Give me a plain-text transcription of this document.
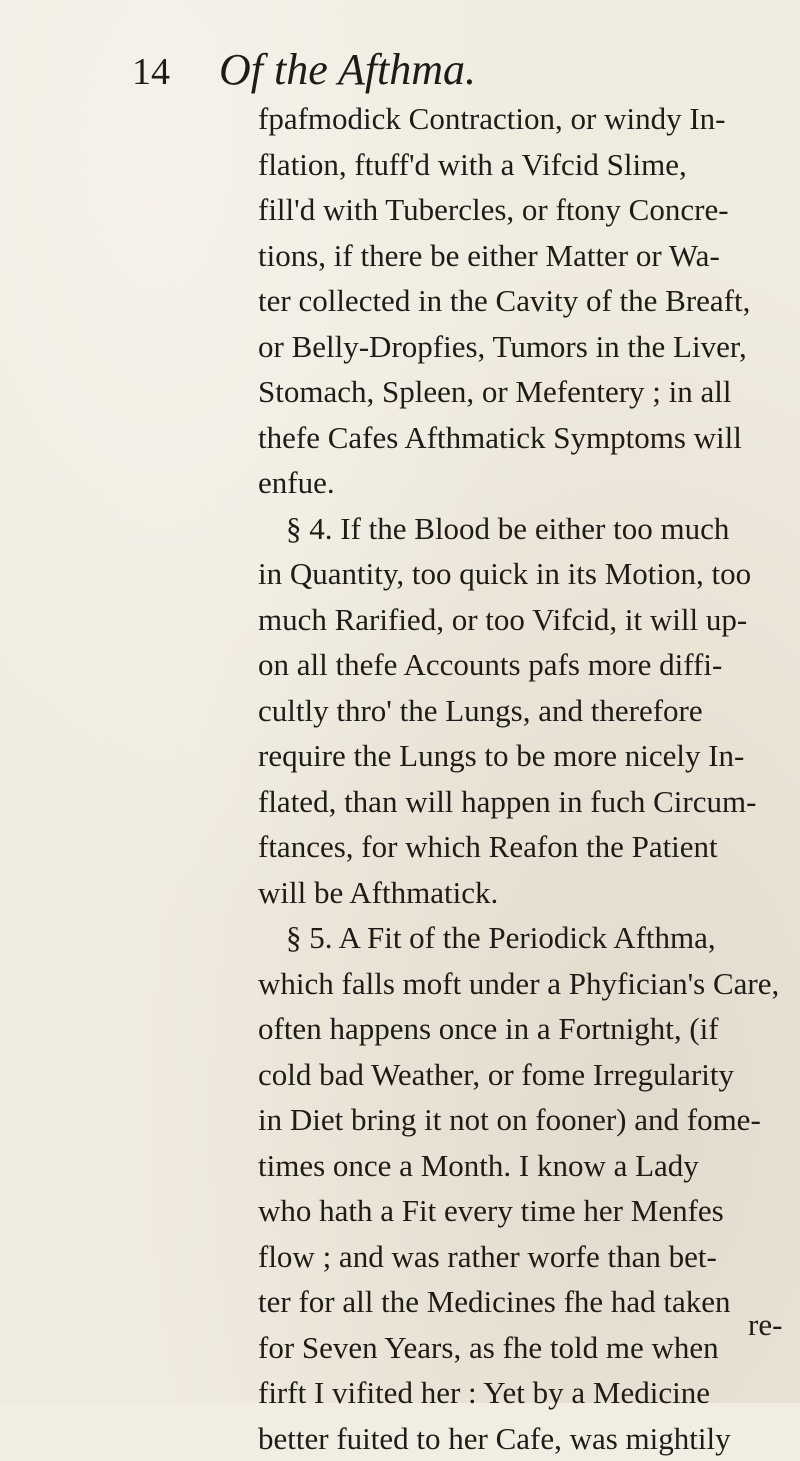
14 Of the Afthma.
fpafmodick Contraction, or windy In-
flation, ftuff'd with a Vifcid Slime,
fill'd with Tubercles, or ftony Concre-
tions, if there be either Matter or Wa-
ter collected in the Cavity of the Breaft,
or Belly-Dropfies, Tumors in the Liver,
Stomach, Spleen, or Mefentery ; in all
thefe Cafes Afthmatick Symptoms will
enfue.
§ 4. If the Blood be either too much
in Quantity, too quick in its Motion, too
much Rarified, or too Vifcid, it will up-
on all thefe Accounts pafs more diffi-
cultly thro' the Lungs, and therefore
require the Lungs to be more nicely In-
flated, than will happen in fuch Circum-
ftances, for which Reafon the Patient
will be Afthmatick.
§ 5. A Fit of the Periodick Afthma,
which falls moft under a Phyfician's Care,
often happens once in a Fortnight, (if
cold bad Weather, or fome Irregularity
in Diet bring it not on fooner) and fome-
times once a Month. I know a Lady
who hath a Fit every time her Menfes
flow ; and was rather worfe than bet-
ter for all the Medicines fhe had taken
for Seven Years, as fhe told me when
firft I vifited her : Yet by a Medicine
better fuited to her Cafe, was mightily
re-
